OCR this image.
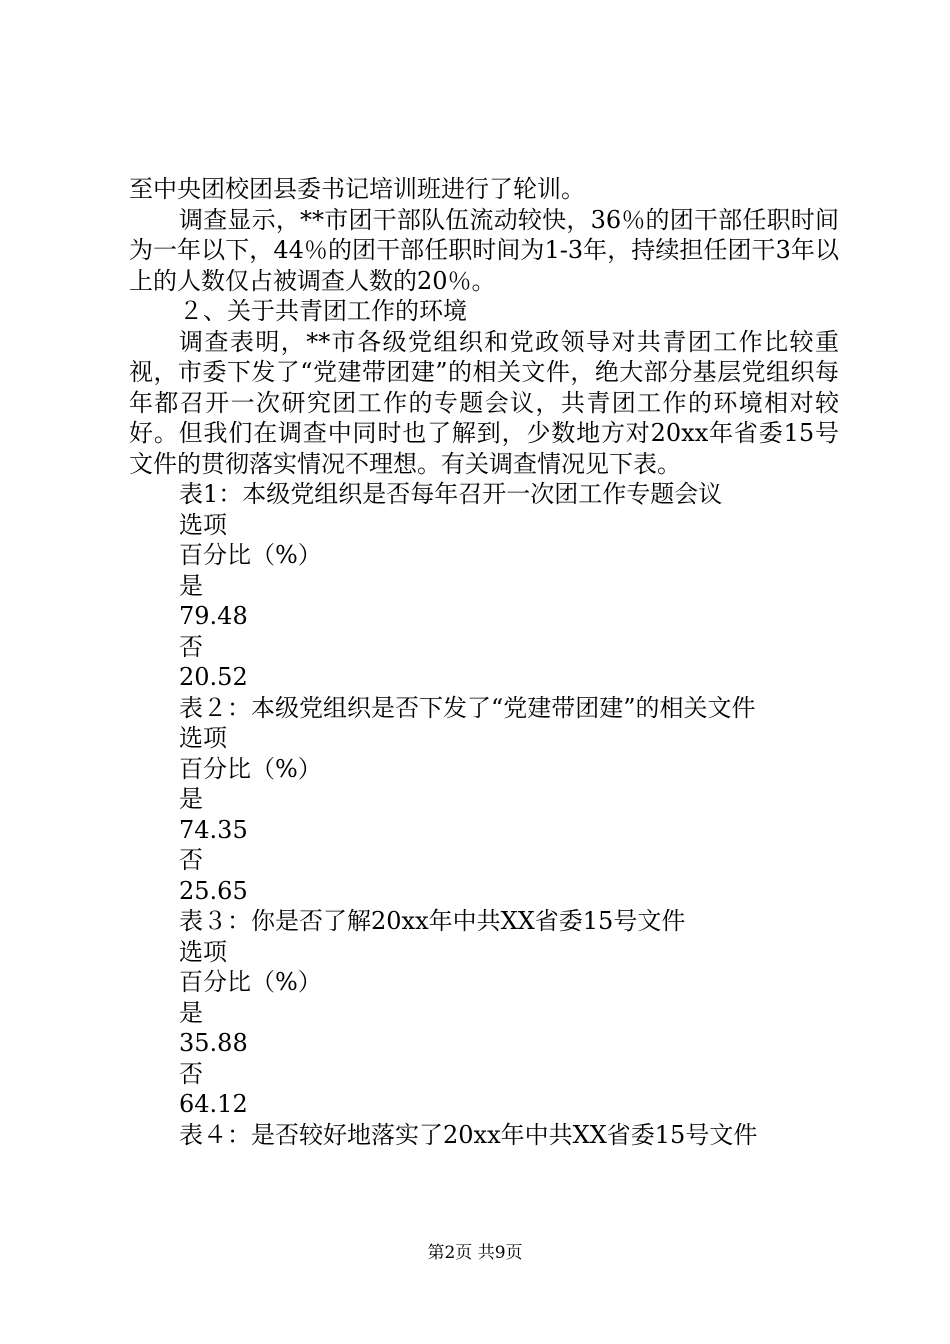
至中央团校团县委书记培训班进行了轮训。

调查显示，**市团干部队伍流动较快，36％的团干部任职时间为一年以下，44％的团干部任职时间为1-3年，持续担任团干3年以上的人数仅占被调查人数的20％。

２、关于共青团工作的环境

调查表明，**市各级党组织和党政领导对共青团工作比较重视，市委下发了“党建带团建”的相关文件，绝大部分基层党组织每年都召开一次研究团工作的专题会议，共青团工作的环境相对较好。但我们在调查中同时也了解到，少数地方对20xx年省委15号文件的贯彻落实情况不理想。有关调查情况见下表。

表1：本级党组织是否每年召开一次团工作专题会议

选项

百分比（%）

是

79.48

否

20.52

表２：本级党组织是否下发了“党建带团建”的相关文件

选项

百分比（%）

是

74.35

否

25.65

表３：你是否了解20xx年中共XX省委15号文件

选项

百分比（%）

是

35.88

否

64.12

表４：是否较好地落实了20xx年中共XX省委15号文件

第2页 共9页
